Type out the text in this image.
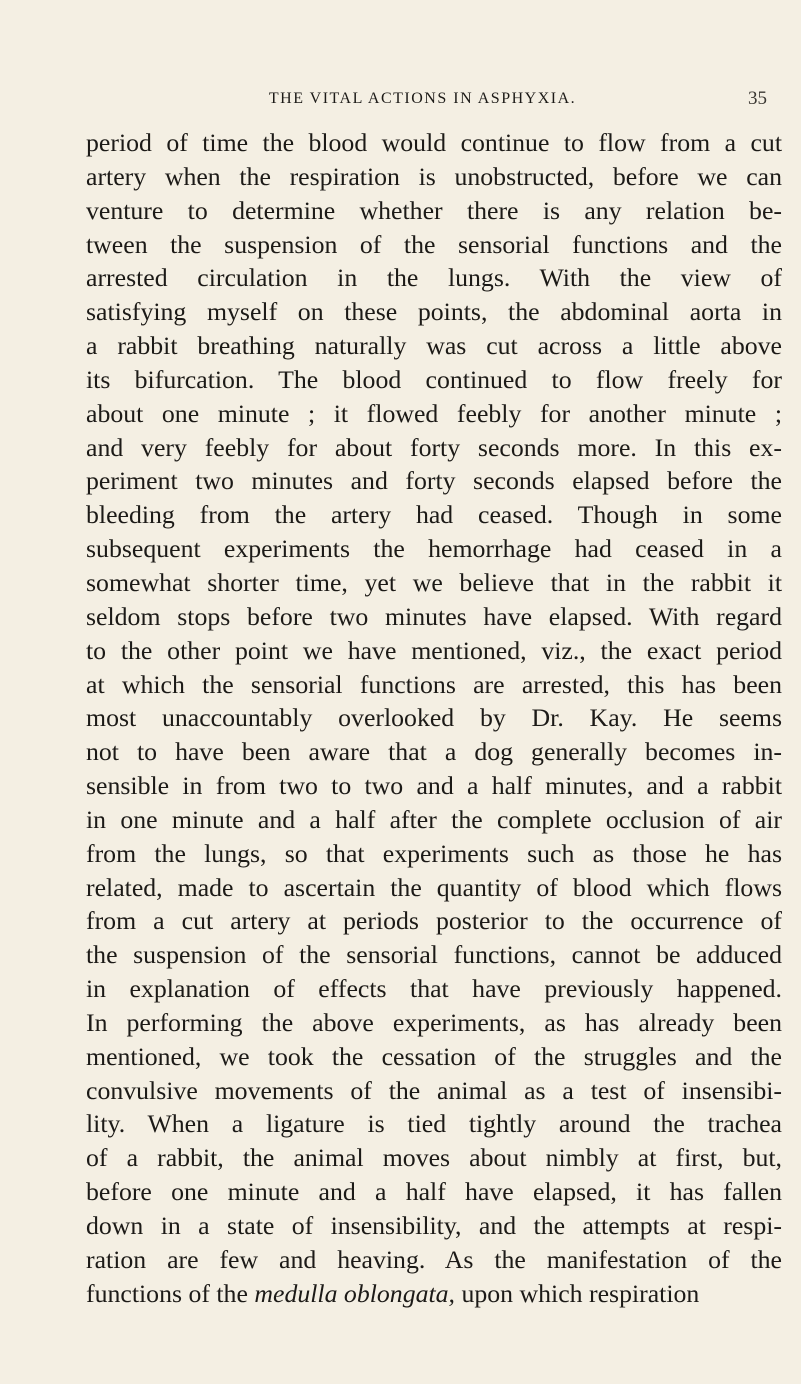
THE VITAL ACTIONS IN ASPHYXIA.	35
period of time the blood would continue to flow from a cut
artery when the respiration is unobstructed, before we can
venture to determine whether there is any relation be-
tween the suspension of the sensorial functions and the
arrested circulation in the lungs. With the view of
satisfying myself on these points, the abdominal aorta in
a rabbit breathing naturally was cut across a little above
its bifurcation. The blood continued to flow freely for
about one minute ; it flowed feebly for another minute ;
and very feebly for about forty seconds more. In this ex-
periment two minutes and forty seconds elapsed before the
bleeding from the artery had ceased. Though in some
subsequent experiments the hemorrhage had ceased in a
somewhat shorter time, yet we believe that in the rabbit it
seldom stops before two minutes have elapsed. With regard
to the other point we have mentioned, viz., the exact period
at which the sensorial functions are arrested, this has been
most unaccountably overlooked by Dr. Kay. He seems
not to have been aware that a dog generally becomes in-
sensible in from two to two and a half minutes, and a rabbit
in one minute and a half after the complete occlusion of air
from the lungs, so that experiments such as those he has
related, made to ascertain the quantity of blood which flows
from a cut artery at periods posterior to the occurrence of
the suspension of the sensorial functions, cannot be adduced
in explanation of effects that have previously happened.
In performing the above experiments, as has already been
mentioned, we took the cessation of the struggles and the
convulsive movements of the animal as a test of insensibi-
lity. When a ligature is tied tightly around the trachea
of a rabbit, the animal moves about nimbly at first, but,
before one minute and a half have elapsed, it has fallen
down in a state of insensibility, and the attempts at respi-
ration are few and heaving. As the manifestation of the
functions of the medulla oblongata, upon which respiration
